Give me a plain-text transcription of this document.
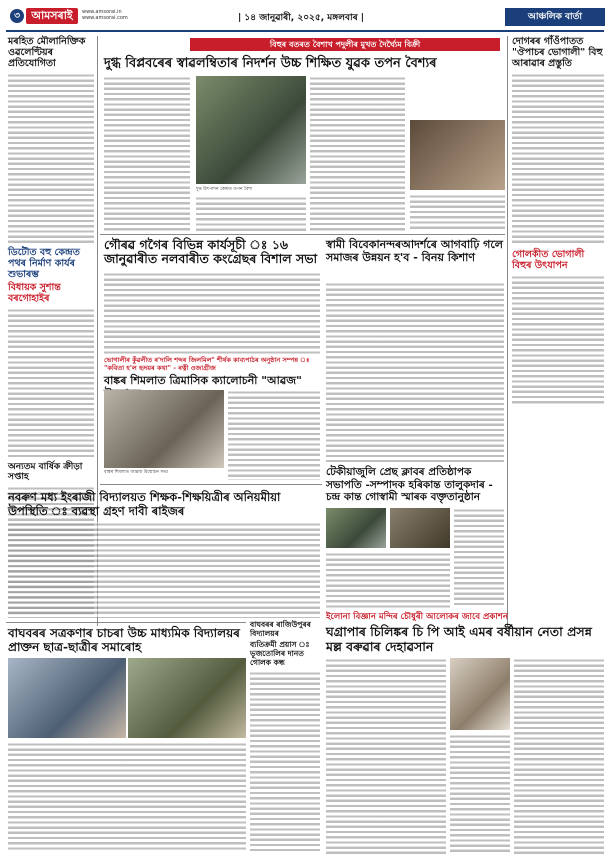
৩	আমসৰাই	www.amsorai.in
www.amsorai.com	| ১৪ জানুৱাৰী, ২০২৫, মঙ্গলবাৰ |	আঞ্চলিক বাৰ্তা
মৰহিত মৌলানিক্তিক ওৱলেণ্টিয়ৰ প্ৰতিযোগিতা
ডিটৌত বহু কেন্দ্ৰত পথৰ নিৰ্মাণ কাৰ্যৰ শুভাৰম্ভ
বিধায়ক সুশান্ত বৰগোহাইৰ
অন্যতম বাৰ্ষিক ক্ৰীড়া সপ্তাহ
বিহুৰ বতৰত বৈশাখ পদুলীৰ মুখত দৈৰ্ঘ্যৈম বিক্ৰী
দুগ্ধ বিপ্লবৰেৰ স্বাৱলম্বিতাৰ নিদৰ্শন উচ্চ শিক্ষিত যুৱক তপন বৈশ্যৰ
দুগ্ধ উৎপাদন কেন্দ্ৰত তপন বৈশ্য
দোগৰৰ গাঁওঁপাতত "ঔপাচৰ ভোগালী" বিহু আৰাৱাৰ প্ৰস্তুতি
গোলকীত ভোগালী বিহুৰ উৎযাপন
গৌৰৱ গগৈৰ বিভিন্ন কাৰ্যসূচী ঃ ১৬ জানুৱাৰীত নলবাৰীত কংগ্ৰেছৰ বিশাল সভা
স্বামী বিবেকানন্দৰআদৰ্শৰে আগবাঢ়ি গলে সমাজৰ উন্নয়ন হ'ব - বিনয় কিশাণ
ভোগালীৰ কুঁৱলীত ৰ'দালি শব্দৰ জিলমিল" শীৰ্ষক কাব্যপাঠৰ অনুষ্ঠান সম্পন্ন ঃ "কবিতা হ'ল হৃদয়ৰ কথা" - ৰত্নী ওজাগ্ৰীজ
বাঙ্কৰ শিমলাত ত্ৰিমাসিক ক্যালোচনী "আৱজ"
বাঙ্কৰ শিমলাত আৱজ উন্মোচন সভা	টেকীয়াজুলি প্ৰেছ ক্লাবৰ প্ৰতিষ্ঠাপক সভাপতি -সম্পাদক হৰিকান্ত তালুকদাৰ - চন্দ্ৰ কান্ত গোস্বামী স্মাৰক বক্তৃতানুষ্ঠান
নবৰুণ মধ্য ইংৰাজী বিদ্যালয়ত শিক্ষক-শিক্ষয়িত্ৰীৰ অনিয়মীয়া উপস্থিতি ঃ ব্যৱস্থা গ্ৰহণ দাবী ৰাইজৰ
বাঘবৰৰ ৰাজিউপুৰৰ বিদ্যালয়ৰ
ব্যতিক্ৰমী প্ৰয়াস ঃ ভূজতোলিৰ দানত গোলক কন্ধ
বাঘবৰৰ সত্ৰকণাৰ চাচৰা উচ্চ মাধ্যমিক বিদ্যালয়ৰ প্ৰাক্তন ছাত্ৰ-ছাত্ৰীৰ সমাৰোহ
ইলোনা বিজ্ঞান মন্দিৰ চৌধুৰী আলোকৰ জাবে প্ৰকাশন
ঘগ্ৰাপাৰ চিলিঙ্কৰ চি পি আই এমৰ বৰ্ষীয়ান নেতা প্ৰসন্ন মল্ল বৰুৱাৰ দেহাৱসান
